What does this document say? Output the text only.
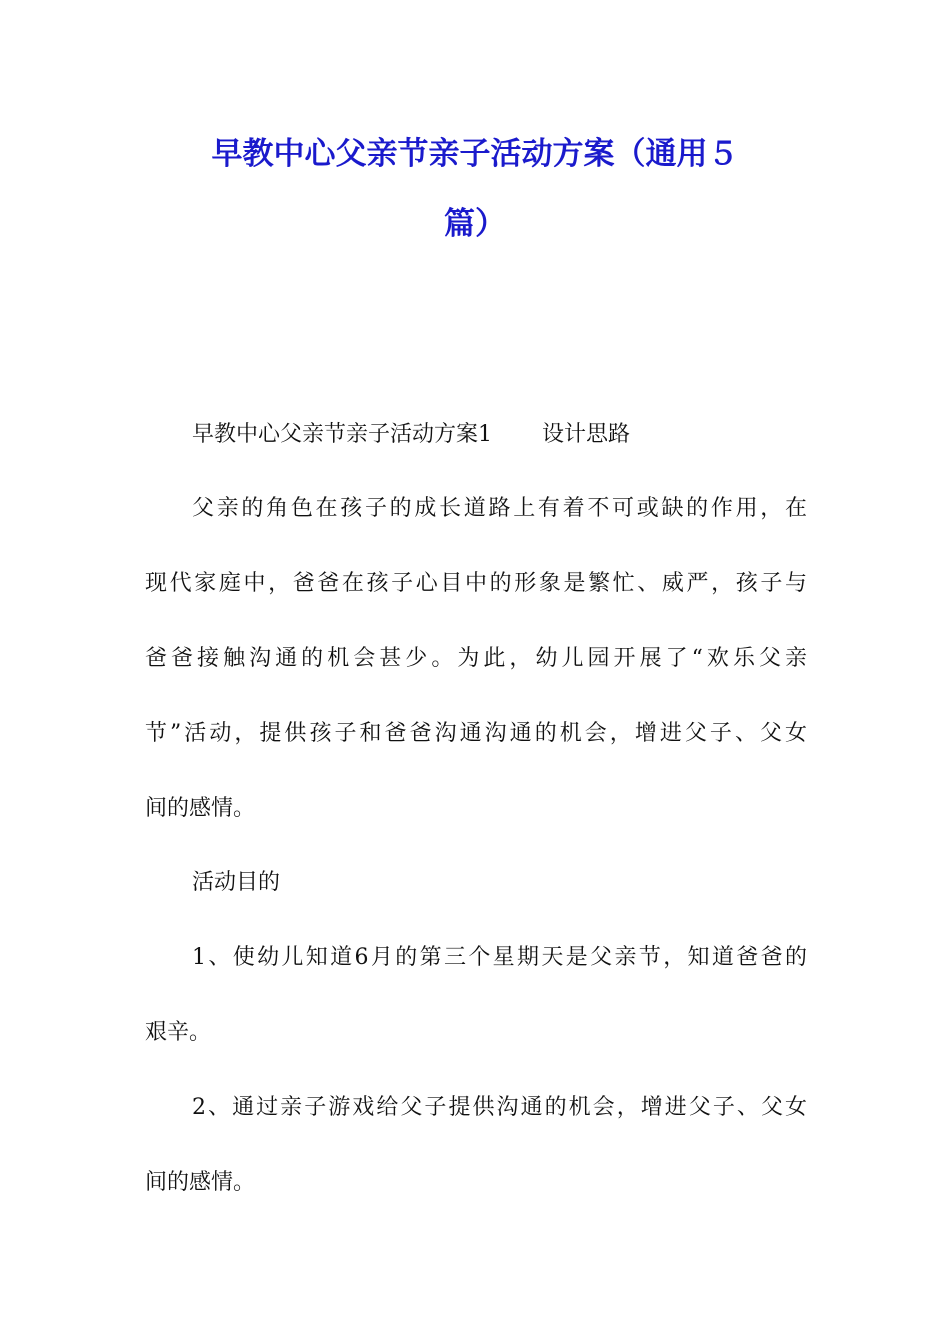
早教中心父亲节亲子活动方案（通用５
篇）
早教中心父亲节亲子活动方案1 设计思路
父亲的角色在孩子的成长道路上有着不可或缺的作用，在
现代家庭中，爸爸在孩子心目中的形象是繁忙、威严，孩子与
爸爸接触沟通的机会甚少。为此，幼儿园开展了“欢乐父亲
节”活动，提供孩子和爸爸沟通沟通的机会，增进父子、父女
间的感情。
活动目的
1、使幼儿知道6月的第三个星期天是父亲节，知道爸爸的
艰辛。
2、通过亲子游戏给父子提供沟通的机会，增进父子、父女
间的感情。
